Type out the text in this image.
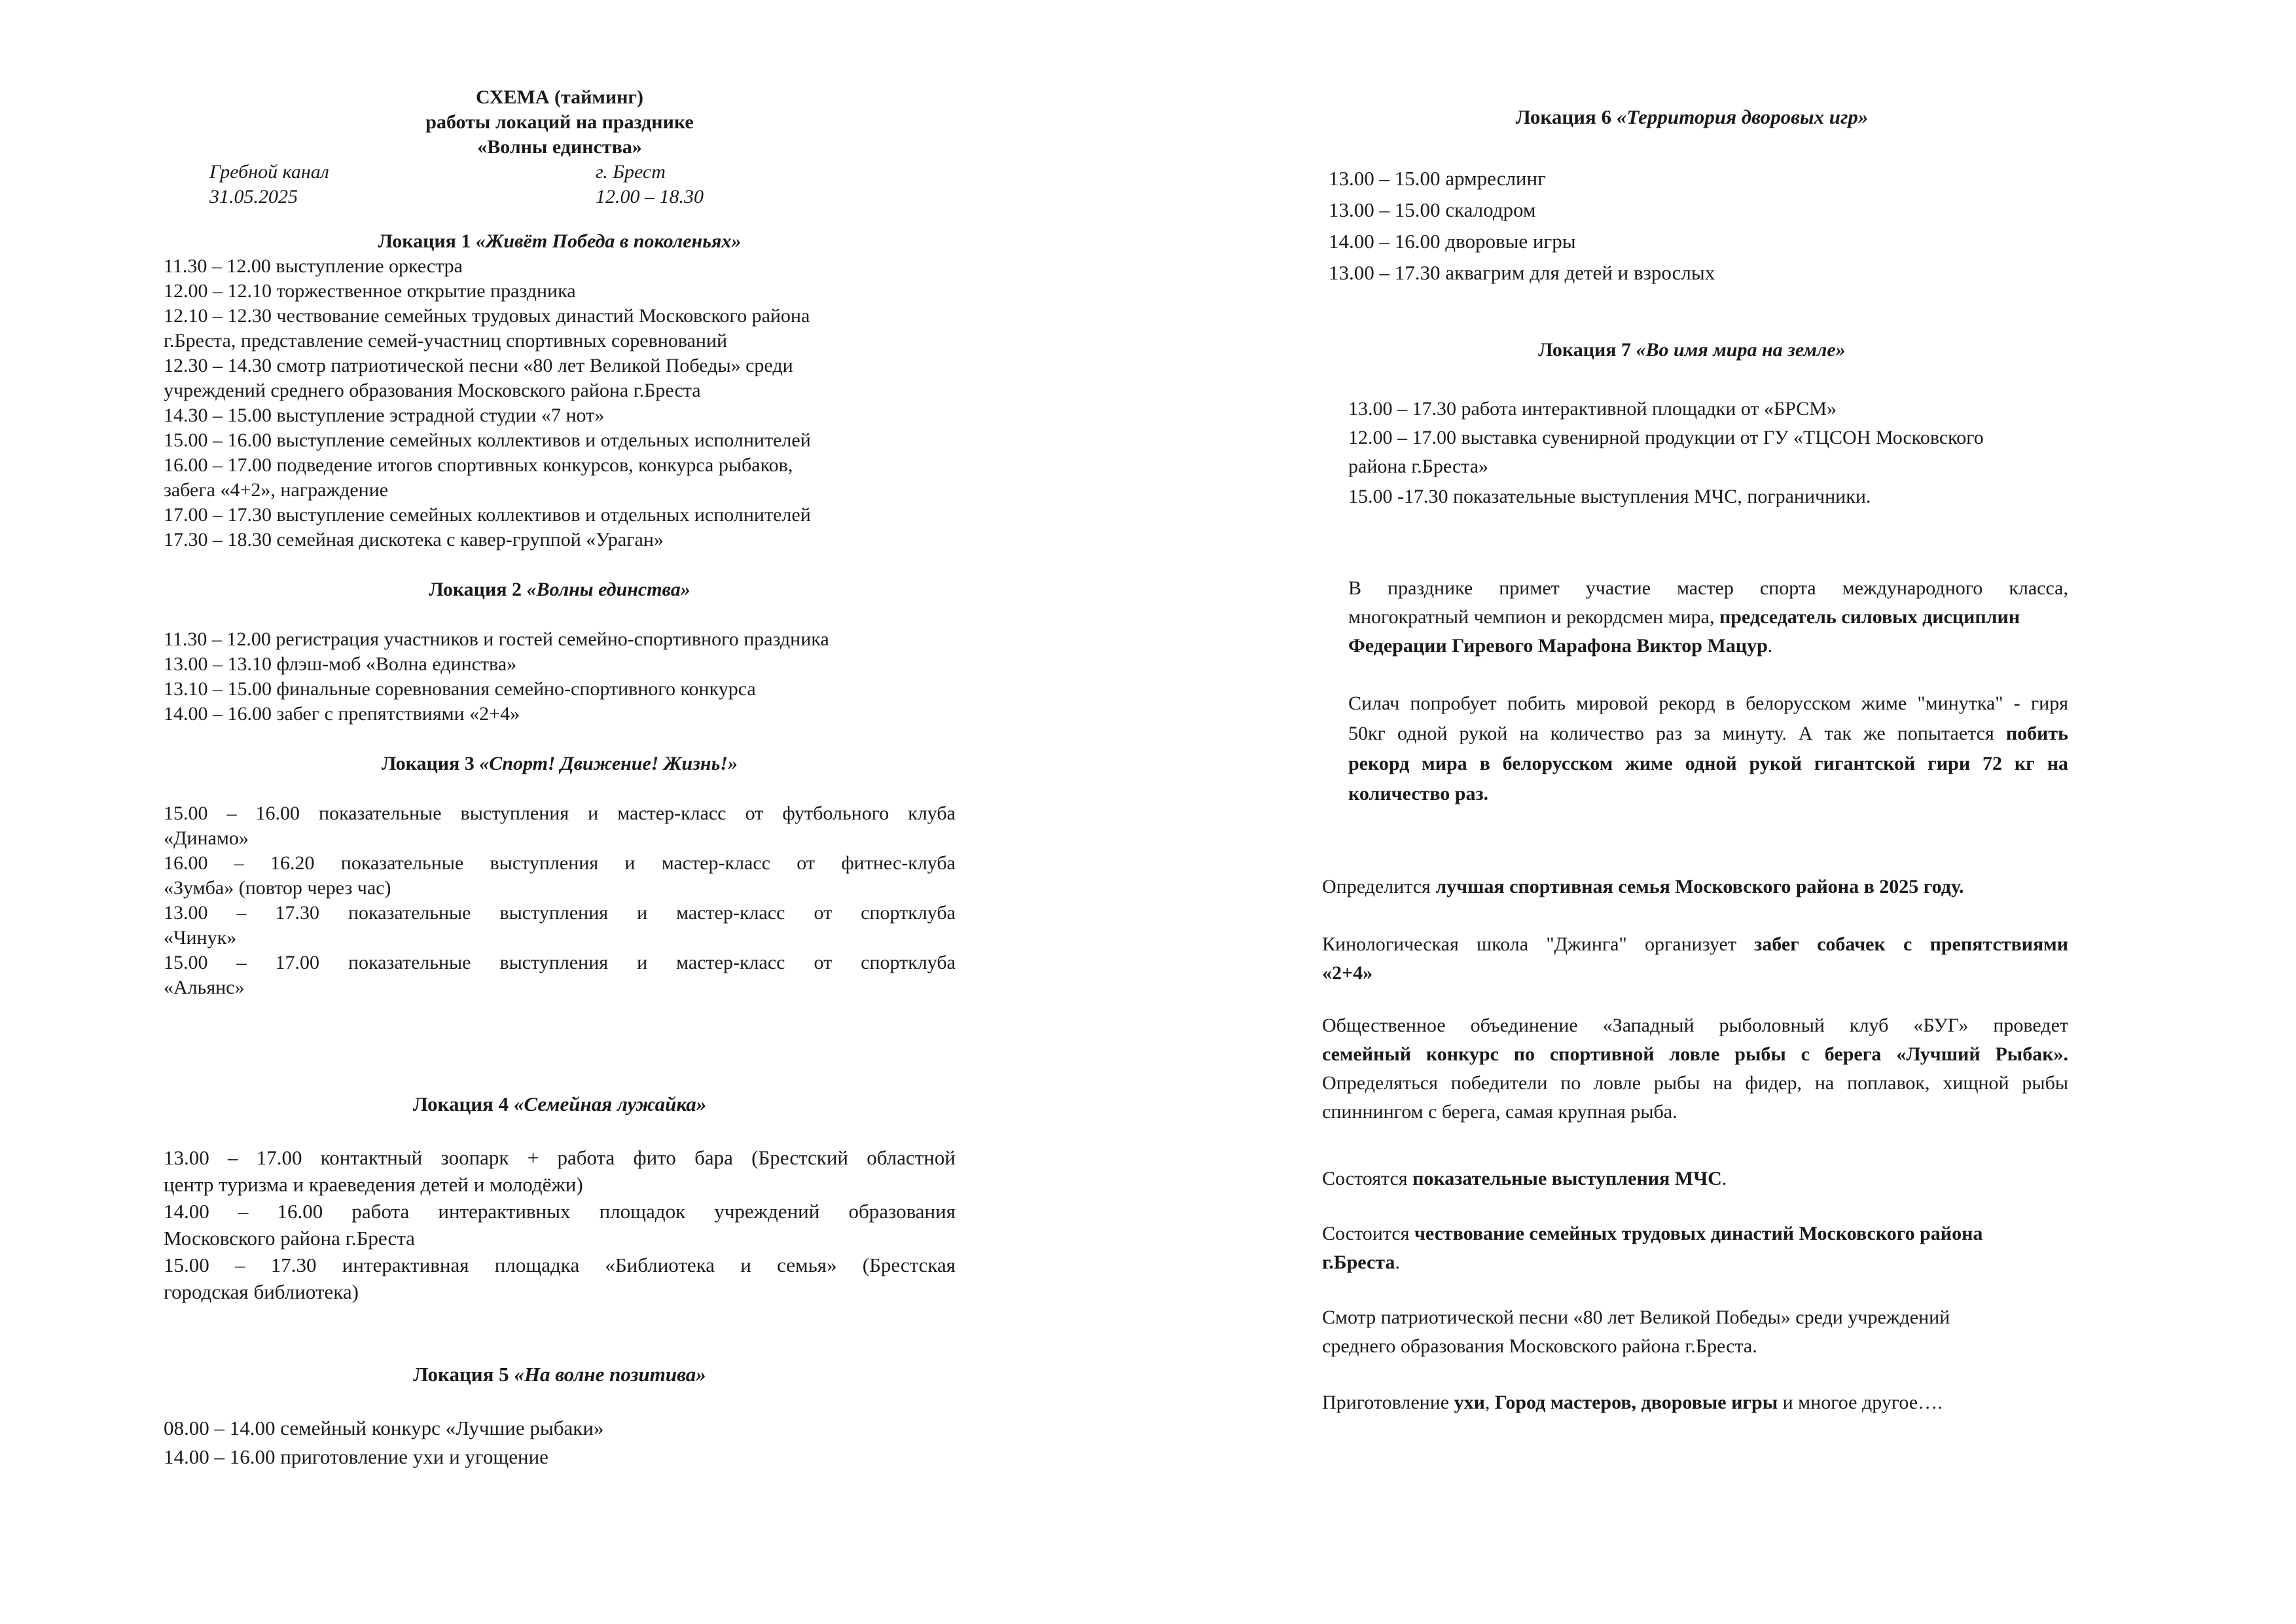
СХЕМА (тайминг)
работы локаций на празднике
«Волны единства»
Гребной канал	г. Брест
31.05.2025	12.00 – 18.30
Локация 1 «Живёт Победа в поколеньях»
11.30 – 12.00 выступление оркестра
12.00 – 12.10 торжественное открытие праздника
12.10 – 12.30 чествование семейных трудовых династий Московского района
г.Бреста, представление семей-участниц спортивных соревнований
12.30 – 14.30 смотр патриотической песни «80 лет Великой Победы» среди
учреждений среднего образования Московского района г.Бреста
14.30 – 15.00 выступление эстрадной студии «7 нот»
15.00 – 16.00 выступление семейных коллективов и отдельных исполнителей
16.00 – 17.00 подведение итогов спортивных конкурсов, конкурса рыбаков,
забега «4+2», награждение
17.00 – 17.30 выступление семейных коллективов и отдельных исполнителей
17.30 – 18.30 семейная дискотека с кавер-группой «Ураган»
Локация 2 «Волны единства»
11.30 – 12.00 регистрация участников и гостей семейно-спортивного праздника
13.00 – 13.10 флэш-моб «Волна единства»
13.10 – 15.00 финальные соревнования семейно-спортивного конкурса
14.00 – 16.00 забег с препятствиями «2+4»
Локация 3 «Спорт! Движение! Жизнь!»
15.00 – 16.00 показательные выступления и мастер-класс от футбольного клуба
«Динамо»
16.00 – 16.20 показательные выступления и мастер-класс от фитнес-клуба
«Зумба» (повтор через час)
13.00 – 17.30 показательные выступления и мастер-класс от спортклуба
«Чинук»
15.00 – 17.00 показательные выступления и мастер-класс от спортклуба
«Альянс»
Локация 4 «Семейная лужайка»
13.00 – 17.00 контактный зоопарк + работа фито бара (Брестский областной
центр туризма и краеведения детей и молодёжи)
14.00 – 16.00 работа интерактивных площадок учреждений образования
Московского района г.Бреста
15.00 – 17.30 интерактивная площадка «Библиотека и семья» (Брестская
городская библиотека)
Локация 5 «На волне позитива»
08.00 – 14.00 семейный конкурс «Лучшие рыбаки»
14.00 – 16.00 приготовление ухи и угощение
Локация 6 «Территория дворовых игр»
13.00 – 15.00 армреслинг
13.00 – 15.00 скалодром
14.00 – 16.00 дворовые игры
13.00 – 17.30 аквагрим для детей и взрослых
Локация 7 «Во имя мира на земле»
13.00 – 17.30 работа интерактивной площадки от «БРСМ»
12.00 – 17.00 выставка сувенирной продукции от ГУ «ТЦСОН Московского
района г.Бреста»
15.00 -17.30 показательные выступления МЧС, пограничники.
В празднике примет участие мастер спорта международного класса,
многократный чемпион и рекордсмен мира, председатель силовых дисциплин
Федерации Гиревого Марафона Виктор Мацур.
Силач попробует побить мировой рекорд в белорусском жиме "минутка" - гиря
50кг одной рукой на количество раз за минуту. А так же попытается побить
рекорд мира в белорусском жиме одной рукой гигантской гири 72 кг на
количество раз.
Определится лучшая спортивная семья Московского района в 2025 году.
Кинологическая школа "Джинга" организует забег собачек с препятствиями
«2+4»
Общественное объединение «Западный рыболовный клуб «БУГ» проведет
семейный конкурс по спортивной ловле рыбы с берега «Лучший Рыбак».
Определяться победители по ловле рыбы на фидер, на поплавок, хищной рыбы
спиннингом с берега, самая крупная рыба.
Состоятся показательные выступления МЧС.
Состоится чествование семейных трудовых династий Московского района
г.Бреста.
Смотр патриотической песни «80 лет Великой Победы» среди учреждений
среднего образования Московского района г.Бреста.
Приготовление ухи, Город мастеров, дворовые игры и многое другое….
